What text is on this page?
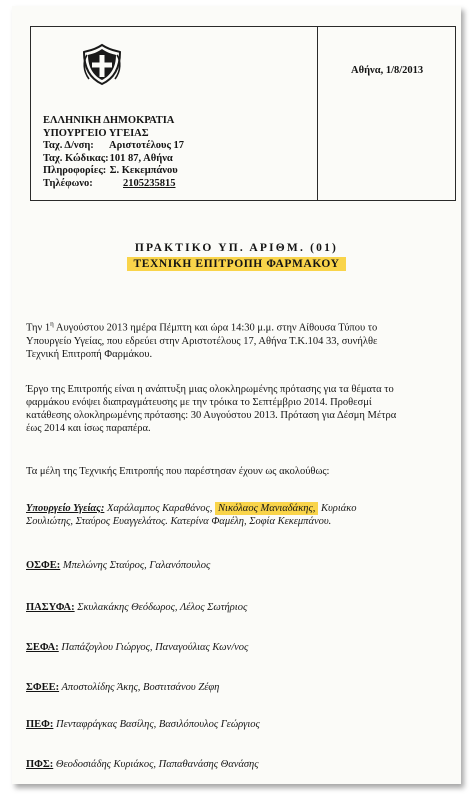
Αθήνα, 1/8/2013
ΕΛΛΗΝΙΚΗ ΔΗΜΟΚΡΑΤΙΑ
ΥΠΟΥΡΓΕΙΟ ΥΓΕΙΑΣ
Ταχ. Δ/νση: Αριστοτέλους 17
Ταχ. Κώδικας: 101 87, Αθήνα
Πληροφορίες: Σ. Κεκεμπάνου
Τηλέφωνο:	2105235815
ΠΡΑΚΤΙΚΟ ΥΠ. ΑΡΙΘΜ. (01)
ΤΕΧΝΙΚΗ ΕΠΙΤΡΟΠΗ ΦΑΡΜΑΚΟΥ
Την $1^\eta$ Αυγούστου 2013 ημέρα Πέμπτη και ώρα 14:30 μ.μ. στην Αίθουσα Τύπου το
Υπουργείο Υγείας, που εδρεύει στην Αριστοτέλους 17, Αθήνα Τ.Κ.104 33, συνήλθε
Τεχνική Επιτροπή Φαρμάκου.
Έργο της Επιτροπής είναι η ανάπτυξη μιας ολοκληρωμένης πρότασης για τα θέματα το
φαρμάκου ενόψει διαπραγμάτευσης με την τρόικα το Σεπτέμβριο 2014. Προθεσμί
κατάθεσης ολοκληρωμένης πρότασης: 30 Αυγούστου 2013. Πρόταση για Δέσμη Μέτρα
έως 2014 και ίσως παραπέρα.
Τα μέλη της Τεχνικής Επιτροπής που παρέστησαν έχουν ως ακολούθως:
Υπουργείο Υγείας: Χαράλαμπος Καραθάνος, Νικόλαος Μανιαδάκης, Κυριάκο
Σουλιώτης, Σταύρος Ευαγγελάτος. Κατερίνα Φαμέλη, Σοφία Κεκεμπάνου.
ΟΣΦΕ: Μπελώνης Σταύρος, Γαλανόπουλος
ΠΑΣΥΦΑ: Σκυλακάκης Θεόδωρος, Λέλος Σωτήριος
ΣΕΦΑ: Παπάζογλου Γιώργος, Παναγούλιας Κων/νος
ΣΦΕΕ: Αποστολίδης Άκης, Βοστιτσάνου Ζέφη
ΠΕΦ: Πενταφράγκας Βασίλης, Βασιλόπουλος Γεώργιος
ΠΦΣ: Θεοδοσιάδης Κυριάκος, Παπαθανάσης Θανάσης
